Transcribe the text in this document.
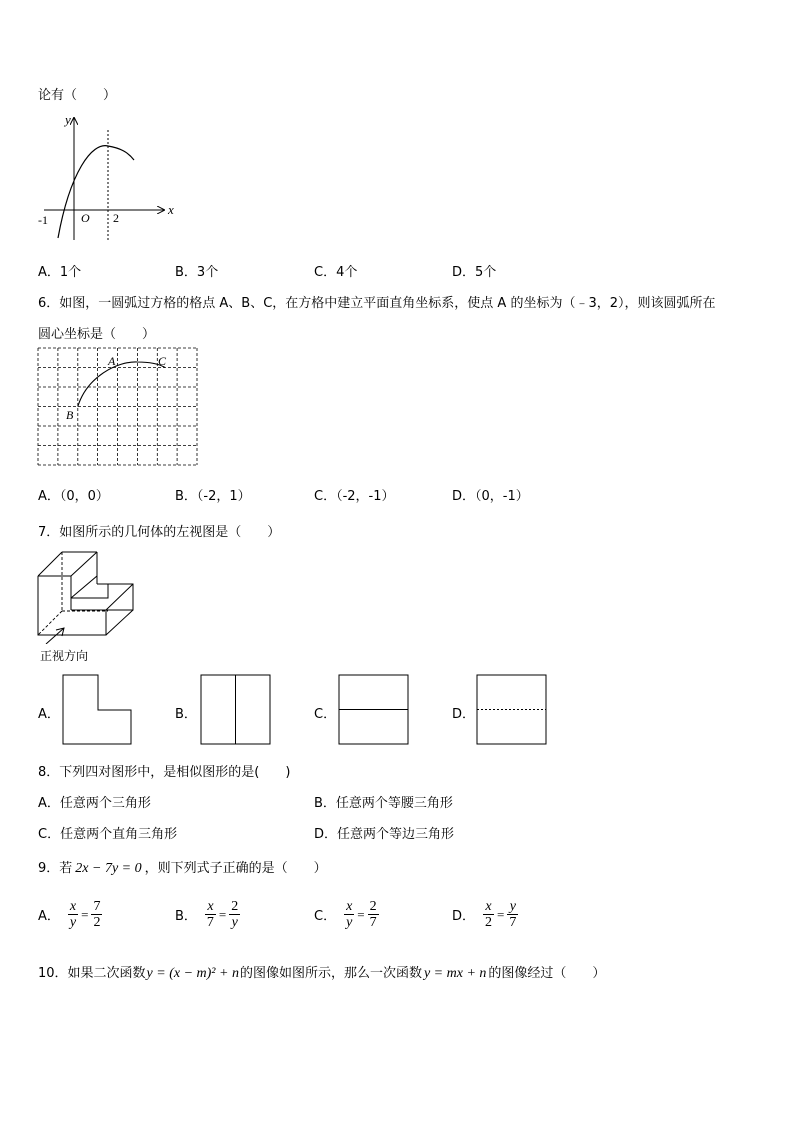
论有（　　）
y
x
O
-1	2
A．1个	B．3个	C．4个	D．5个
6．如图，一圆弧过方格的格点 A、B、C，在方格中建立平面直角坐标系，使点 A 的坐标为（﹣3，2），则该圆弧所在
圆心坐标是（　　）
A
B
C
A．（0，0）	B．（-2，1）	C．（-2，-1）	D．（0，-1）
7．如图所示的几何体的左视图是（　　）
正视方向
A．	B．	C．	D．
8．下列四对图形中，是相似图形的是(　　)
A．任意两个三角形	B．任意两个等腰三角形
C．任意两个直角三角形	D．任意两个等边三角形
9．若 2x − 7y = 0 ，则下列式子正确的是（　　）
A． $\frac{x}{y} = \frac{7}{2}$	B． $\frac{x}{7} = \frac{2}{y}$	C． $\frac{x}{y} = \frac{2}{7}$	D． $\frac{x}{2} = \frac{y}{7}$
10．如果二次函数 y = (x − m)² + n 的图像如图所示，那么一次函数 y = mx + n 的图像经过（　　）
